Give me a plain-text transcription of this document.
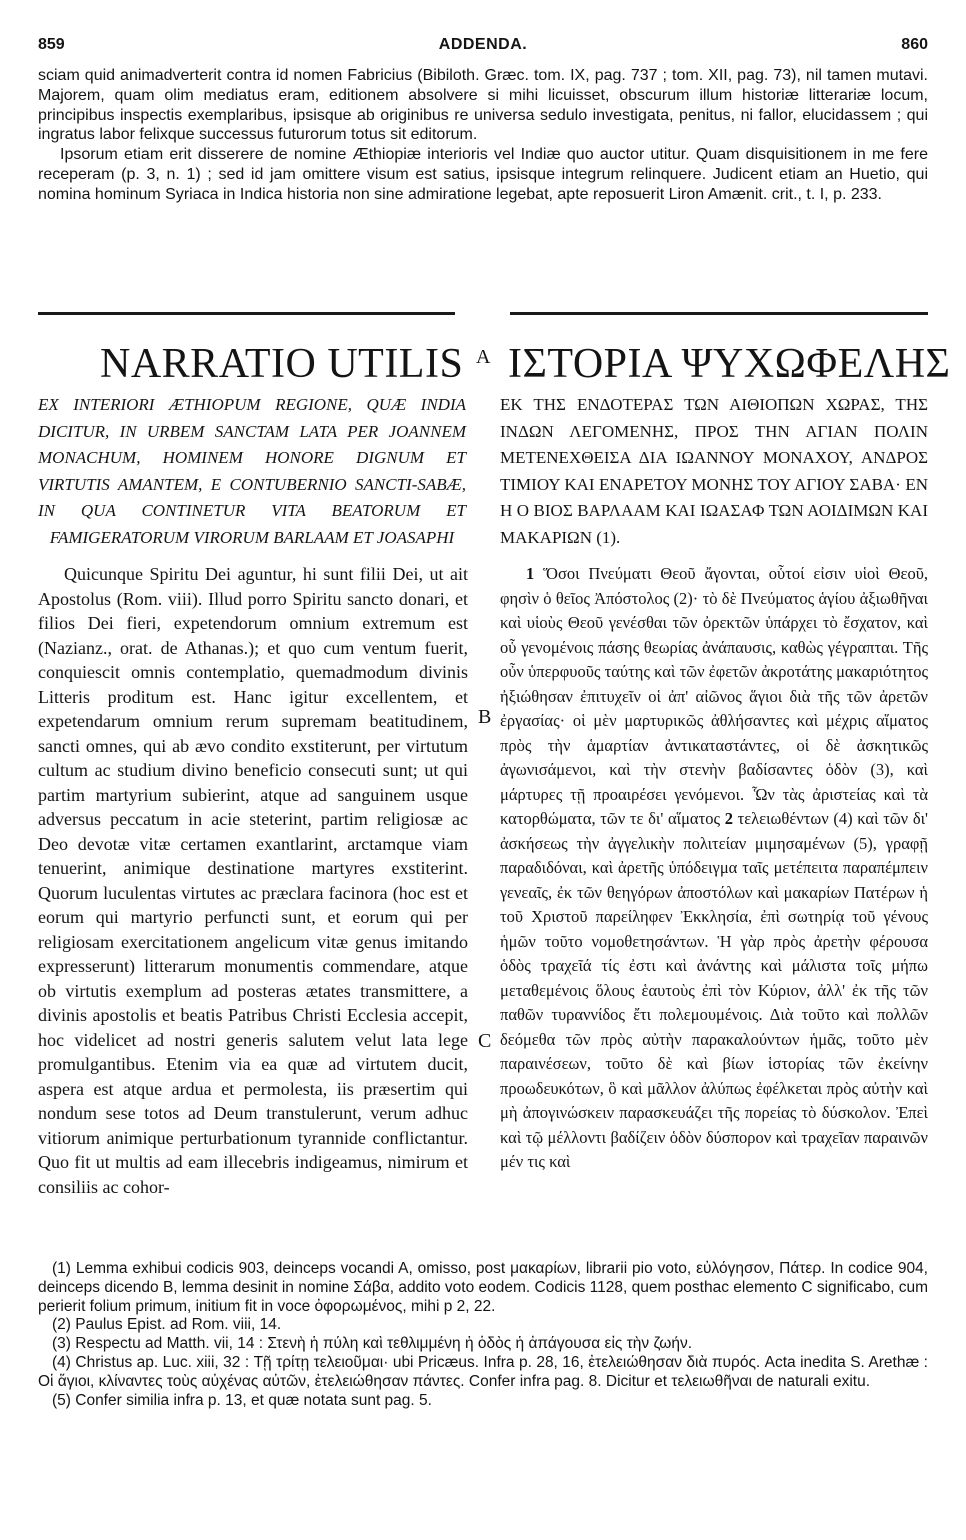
859	ADDENDA.	860

sciam quid animadverterit contra id nomen Fabricius (Bibiloth. Græc. tom. IX, pag. 737 ; tom. XII, pag. 73), nil tamen mutavi. Majorem, quam olim mediatus eram, editionem absolvere si mihi licuisset, obscurum illum historiæ litterariæ locum, principibus inspectis exemplaribus, ipsisque ab originibus re universa sedulo investigata, penitus, ni fallor, elucidassem ; qui ingratus labor felixque successus futurorum totus sit editorum.

Ipsorum etiam erit disserere de nomine Æthiopiæ interioris vel Indiæ quo auctor utitur. Quam disquisitionem in me fere receperam (p. 3, n. 1) ; sed id jam omittere visum est satius, ipsisque integrum relinquere. Judicent etiam an Huetio, qui nomina hominum Syriaca in Indica historia non sine admiratione legebat, apte reposuerit Liron Amænit. crit., t. I, p. 233.

NARRATIO UTILIS A ΙΣΤΟΡΙΑ ΨΥΧΩΦΕΛΗΣ
EX INTERIORI ÆTHIOPUM REGIONE, QUÆ INDIA DICITUR, IN URBEM SANCTAM LATA PER JOANNEM MONACHUM, HOMINEM HONORE DIGNUM ET VIRTUTIS AMANTEM, E CONTUBERNIO SANCTI-SABÆ, IN QUA CONTINETUR VITA BEATORUM ET FAMIGERATORUM VIRORUM BARLAAM ET JOASAPHI
ΕΚ ΤΗΣ ΕΝΔΟΤΕΡΑΣ ΤΩΝ ΑΙΘΙΟΠΩΝ ΧΩΡΑΣ, ΤΗΣ ΙΝΔΩΝ ΛΕΓΟΜΕΝΗΣ, ΠΡΟΣ ΤΗΝ ΑΓΙΑΝ ΠΟΛΙΝ ΜΕΤΕΝΕΧΘΕΙΣΑ ΔΙΑ ΙΩΑΝΝΟΥ ΜΟΝΑΧΟΥ, ΑΝΔΡΟΣ ΤΙΜΙΟΥ ΚΑΙ ΕΝΑΡΕΤΟΥ ΜΟΝΗΣ ΤΟΥ ΑΓΙΟΥ ΣΑΒΑ· ΕΝ Η Ο ΒΙΟΣ ΒΑΡΛΑΑΜ ΚΑΙ ΙΩΑΣΑΦ ΤΩΝ ΑΟΙΔΙΜΩΝ ΚΑΙ ΜΑΚΑΡΙΩΝ (1).
Quicunque Spiritu Dei aguntur, hi sunt filii Dei, ut ait Apostolus (Rom. viii). Illud porro Spiritu sancto donari, et filios Dei fieri, expetendorum omnium extremum est (Nazianz., orat. de Athanas.); et quo cum ventum fuerit, conquiescit omnis contemplatio, quemadmodum divinis Litteris proditum est. Hanc igitur excellentem, et expetendarum omnium rerum supremam beatitudinem, sancti omnes, qui ab ævo condito exstiterunt, per virtutum cultum ac studium divino beneficio consecuti sunt; ut qui partim martyrium subierint, atque ad sanguinem usque adversus peccatum in acie steterint, partim religiosæ ac Deo devotæ vitæ certamen exantlarint, arctamque viam tenuerint, animique destinatione martyres exstiterint. Quorum luculentas virtutes ac præclara facinora (hoc est et eorum qui martyrio perfuncti sunt, et eorum qui per religiosam exercitationem angelicum vitæ genus imitando expresserunt) litterarum monumentis commendare, atque ob virtutis exemplum ad posteras ætates transmittere, a divinis apostolis et beatis Patribus Christi Ecclesia accepit, hoc videlicet ad nostri generis salutem velut lata lege promulgantibus. Etenim via ea quæ ad virtutem ducit, aspera est atque ardua et permolesta, iis præsertim qui nondum sese totos ad Deum transtulerunt, verum adhuc vitiorum animique perturbationum tyrannide conflictantur. Quo fit ut multis ad eam illecebris indigeamus, nimirum et consiliis ac cohor-
B
C
1 Ὅσοι Πνεύματι Θεοῦ ἄγονται, οὗτοί εἰσιν υἱοὶ Θεοῦ, φησὶν ὁ θεῖος Ἀπόστολος (2)· τὸ δὲ Πνεύματος ἁγίου ἀξιωθῆναι καὶ υἱοὺς Θεοῦ γενέσθαι τῶν ὀρεκτῶν ὑπάρχει τὸ ἔσχατον, καὶ οὗ γενομένοις πάσης θεωρίας ἀνάπαυσις, καθὼς γέγραπται. Τῆς οὖν ὑπερφυοῦς ταύτης καὶ τῶν ἐφετῶν ἀκροτάτης μακαριότητος ἠξιώθησαν ἐπιτυχεῖν οἱ ἀπ' αἰῶνος ἅγιοι διὰ τῆς τῶν ἀρετῶν ἐργασίας· οἱ μὲν μαρτυρικῶς ἀθλήσαντες καὶ μέχρις αἵματος πρὸς τὴν ἁμαρτίαν ἀντικαταστάντες, οἱ δὲ ἀσκητικῶς ἀγωνισάμενοι, καὶ τὴν στενὴν βαδίσαντες ὁδὸν (3), καὶ μάρτυρες τῇ προαιρέσει γενόμενοι. Ὧν τὰς ἀριστείας καὶ τὰ κατορθώματα, τῶν τε δι' αἵματος 2 τελειωθέντων (4) καὶ τῶν δι' ἀσκήσεως τὴν ἀγγελικὴν πολιτείαν μιμησαμένων (5), γραφῇ παραδιδόναι, καὶ ἀρετῆς ὑπόδειγμα ταῖς μετέπειτα παραπέμπειν γενεαῖς, ἐκ τῶν θεηγόρων ἀποστόλων καὶ μακαρίων Πατέρων ἡ τοῦ Χριστοῦ παρείληφεν Ἐκκλησία, ἐπὶ σωτηρίᾳ τοῦ γένους ἡμῶν τοῦτο νομοθετησάντων. Ἡ γὰρ πρὸς ἀρετὴν φέρουσα ὁδὸς τραχεῖά τίς ἐστι καὶ ἀνάντης καὶ μάλιστα τοῖς μήπω μεταθεμένοις ὅλους ἑαυτοὺς ἐπὶ τὸν Κύριον, ἀλλ' ἐκ τῆς τῶν παθῶν τυραννίδος ἔτι πολεμουμένοις. Διὰ τοῦτο καὶ πολλῶν δεόμεθα τῶν πρὸς αὐτὴν παρακαλούντων ἡμᾶς, τοῦτο μὲν παραινέσεων, τοῦτο δὲ καὶ βίων ἱστορίας τῶν ἐκείνην προωδευκότων, ὃ καὶ μᾶλλον ἀλύπως ἐφέλκεται πρὸς αὐτὴν καὶ μὴ ἀπογινώσκειν παρασκευάζει τῆς πορείας τὸ δύσκολον. Ἐπεὶ καὶ τῷ μέλλοντι βαδίζειν ὁδὸν δύσπορον καὶ τραχεῖαν παραινῶν μέν τις καὶ

(1) Lemma exhibui codicis 903, deinceps vocandi A, omisso, post μακαρίων, librarii pio voto, εὐλόγησον, Πάτερ. In codice 904, deinceps dicendo B, lemma desinit in nomine Σάβα, addito voto eodem. Codicis 1128, quem posthac elemento C significabo, cum perierit folium primum, initium fit in voce ὀφορωμένος, mihi p 2, 22.

(2) Paulus Epist. ad Rom. viii, 14.

(3) Respectu ad Matth. vii, 14 : Στενὴ ἡ πύλη καὶ τεθλιμμένη ἡ ὁδὸς ἡ ἀπάγουσα εἰς τὴν ζωήν.

(4) Christus ap. Luc. xiii, 32 : Τῇ τρίτῃ τελειοῦμαι· ubi Pricæus. Infra p. 28, 16, ἐτελειώθησαν διὰ πυρός. Acta inedita S. Arethæ : Οἱ ἅγιοι, κλίναντες τοὺς αὐχένας αὐτῶν, ἐτελειώθησαν πάντες. Confer infra pag. 8. Dicitur et τελειωθῆναι de naturali exitu.

(5) Confer similia infra p. 13, et quæ notata sunt pag. 5.
